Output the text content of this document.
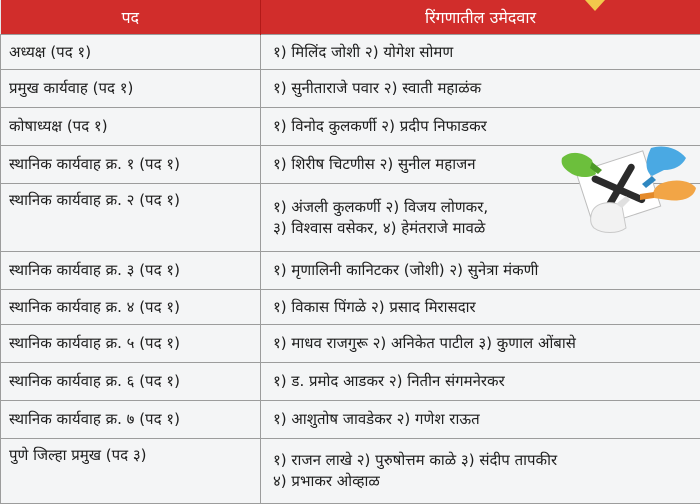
पद	रिंगणातील उमेदवार
अध्यक्ष (पद १)	१) मिलिंद जोशी २) योगेश सोमण

प्रमुख कार्यवाह (पद १)	१) सुनीताराजे पवार २) स्वाती महाळंक

कोषाध्यक्ष (पद १)	१) विनोद कुलकर्णी २) प्रदीप निफाडकर

स्थानिक कार्यवाह क्र. १ (पद १)	१) शिरीष चिटणीस २) सुनील महाजन

स्थानिक कार्यवाह क्र. २ (पद १)	१) अंजली कुलकर्णी २) विजय लोणकर,
३) विश्वास वसेकर, ४) हेमंतराजे मावळे

स्थानिक कार्यवाह क्र. ३ (पद १)	१) मृणालिनी कानिटकर (जोशी) २) सुनेत्रा मंकणी

स्थानिक कार्यवाह क्र. ४ (पद १)	१) विकास पिंगळे २) प्रसाद मिरासदार

स्थानिक कार्यवाह क्र. ५ (पद १)	१) माधव राजगुरू २) अनिकेत पाटील ३) कुणाल ओंबासे

स्थानिक कार्यवाह क्र. ६ (पद १)	१) ड. प्रमोद आडकर २) नितीन संगमनेरकर

स्थानिक कार्यवाह क्र. ७ (पद १)	१) आशुतोष जावडेकर २) गणेश राऊत

पुणे जिल्हा प्रमुख (पद ३)	१) राजन लाखे २) पुरुषोत्तम काळे ३) संदीप तापकीर
४) प्रभाकर ओव्हाळ
